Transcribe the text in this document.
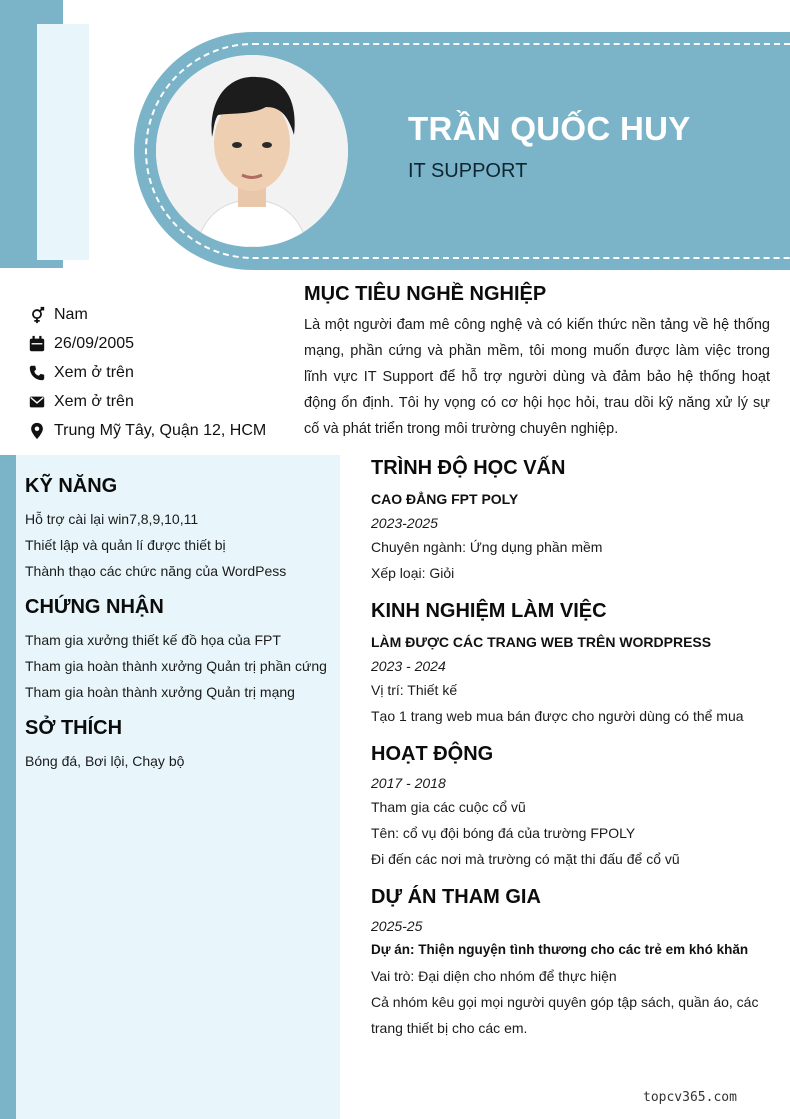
TRẦN QUỐC HUY
IT SUPPORT
Nam
26/09/2005
Xem ở trên
Xem ở trên
Trung Mỹ Tây, Quận 12, HCM
MỤC TIÊU NGHỀ NGHIỆP

Là một người đam mê công nghệ và có kiến thức nền tảng về hệ thống mạng, phần cứng và phần mềm, tôi mong muốn được làm việc trong lĩnh vực IT Support để hỗ trợ người dùng và đảm bảo hệ thống hoạt động ổn định. Tôi hy vọng có cơ hội học hỏi, trau dồi kỹ năng xử lý sự cố và phát triển trong môi trường chuyên nghiệp.

KỸ NĂNG
Hỗ trợ cài lại win7,8,9,10,11
Thiết lập và quản lí được thiết bị
Thành thạo các chức năng của WordPess
CHỨNG NHẬN
Tham gia xưởng thiết kế đồ họa của FPT
Tham gia hoàn thành xưởng Quản trị phần cứng
Tham gia hoàn thành xưởng Quản trị mạng
SỞ THÍCH
Bóng đá, Bơi lội, Chạy bộ
TRÌNH ĐỘ HỌC VẤN
CAO ĐẲNG FPT POLY
2023-2025
Chuyên ngành: Ứng dụng phần mềm
Xếp loại: Giỏi
KINH NGHIỆM LÀM VIỆC
LÀM ĐƯỢC CÁC TRANG WEB TRÊN WORDPRESS
2023 - 2024
Vị trí: Thiết kế
Tạo 1 trang web mua bán được cho người dùng có thể mua
HOẠT ĐỘNG
2017 - 2018
Tham gia các cuộc cổ vũ
Tên: cổ vụ đội bóng đá của trường FPOLY
Đi đến các nơi mà trường có mặt thi đấu để cổ vũ
DỰ ÁN THAM GIA
2025-25
Dự án: Thiện nguyện tình thương cho các trẻ em khó khăn
Vai trò: Đại diện cho nhóm để thực hiện
Cả nhóm kêu gọi mọi người quyên góp tập sách, quần áo, các trang thiết bị cho các em.
topcv365.com
